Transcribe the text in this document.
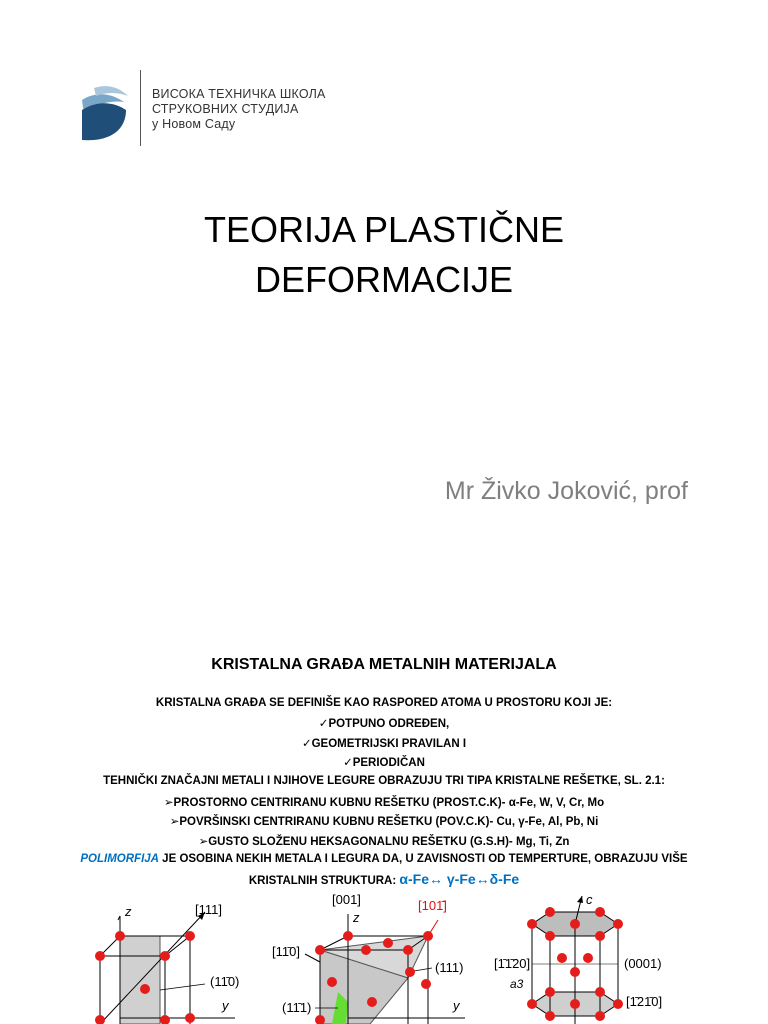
ВИСОКА ТЕХНИЧКА ШКОЛА
СТРУКОВНИХ СТУДИЈА
у Новом Саду
TEORIJA PLASTIČNE
DEFORMACIJE
Mr Živko Joković, prof
KRISTALNA GRAĐA METALNIH MATERIJALA
KRISTALNA GRAĐA SE DEFINIŠE KAO RASPORED ATOMA U PROSTORU KOJI JE:
✓POTPUNO ODREĐEN,
✓GEOMETRIJSKI PRAVILAN I
✓PERIODIČAN
TEHNIČKI ZNAČAJNI METALI I NJIHOVE LEGURE OBRAZUJU TRI TIPA KRISTALNE REŠETKE, SL. 2.1:
➢PROSTORNO CENTRIRANU KUBNU REŠETKU (PROST.C.K)- α-Fe, W, V, Cr, Mo
➢POVRŠINSKI CENTRIRANU KUBNU REŠETKU (POV.C.K)- Cu, γ-Fe, Al, Pb, Ni
➢GUSTO SLOŽENU HEKSAGONALNU REŠETKU (G.S.H)- Mg, Ti, Zn
POLIMORFIJA JE OSOBINA NEKIH METALA I LEGURA DA, U ZAVISNOSTI OD TEMPERTURE, OBRAZUJU VIŠE
KRISTALNIH STRUKTURA: α-Fe↔ γ-Fe↔δ-Fe
z
y
[111]
(11̄0)
[001]
z
[101̄]
[11̄0]
(111)
(11̄1)	y
c
[1̄1̄20]	(0001)
[1̄21̄0]
a3
